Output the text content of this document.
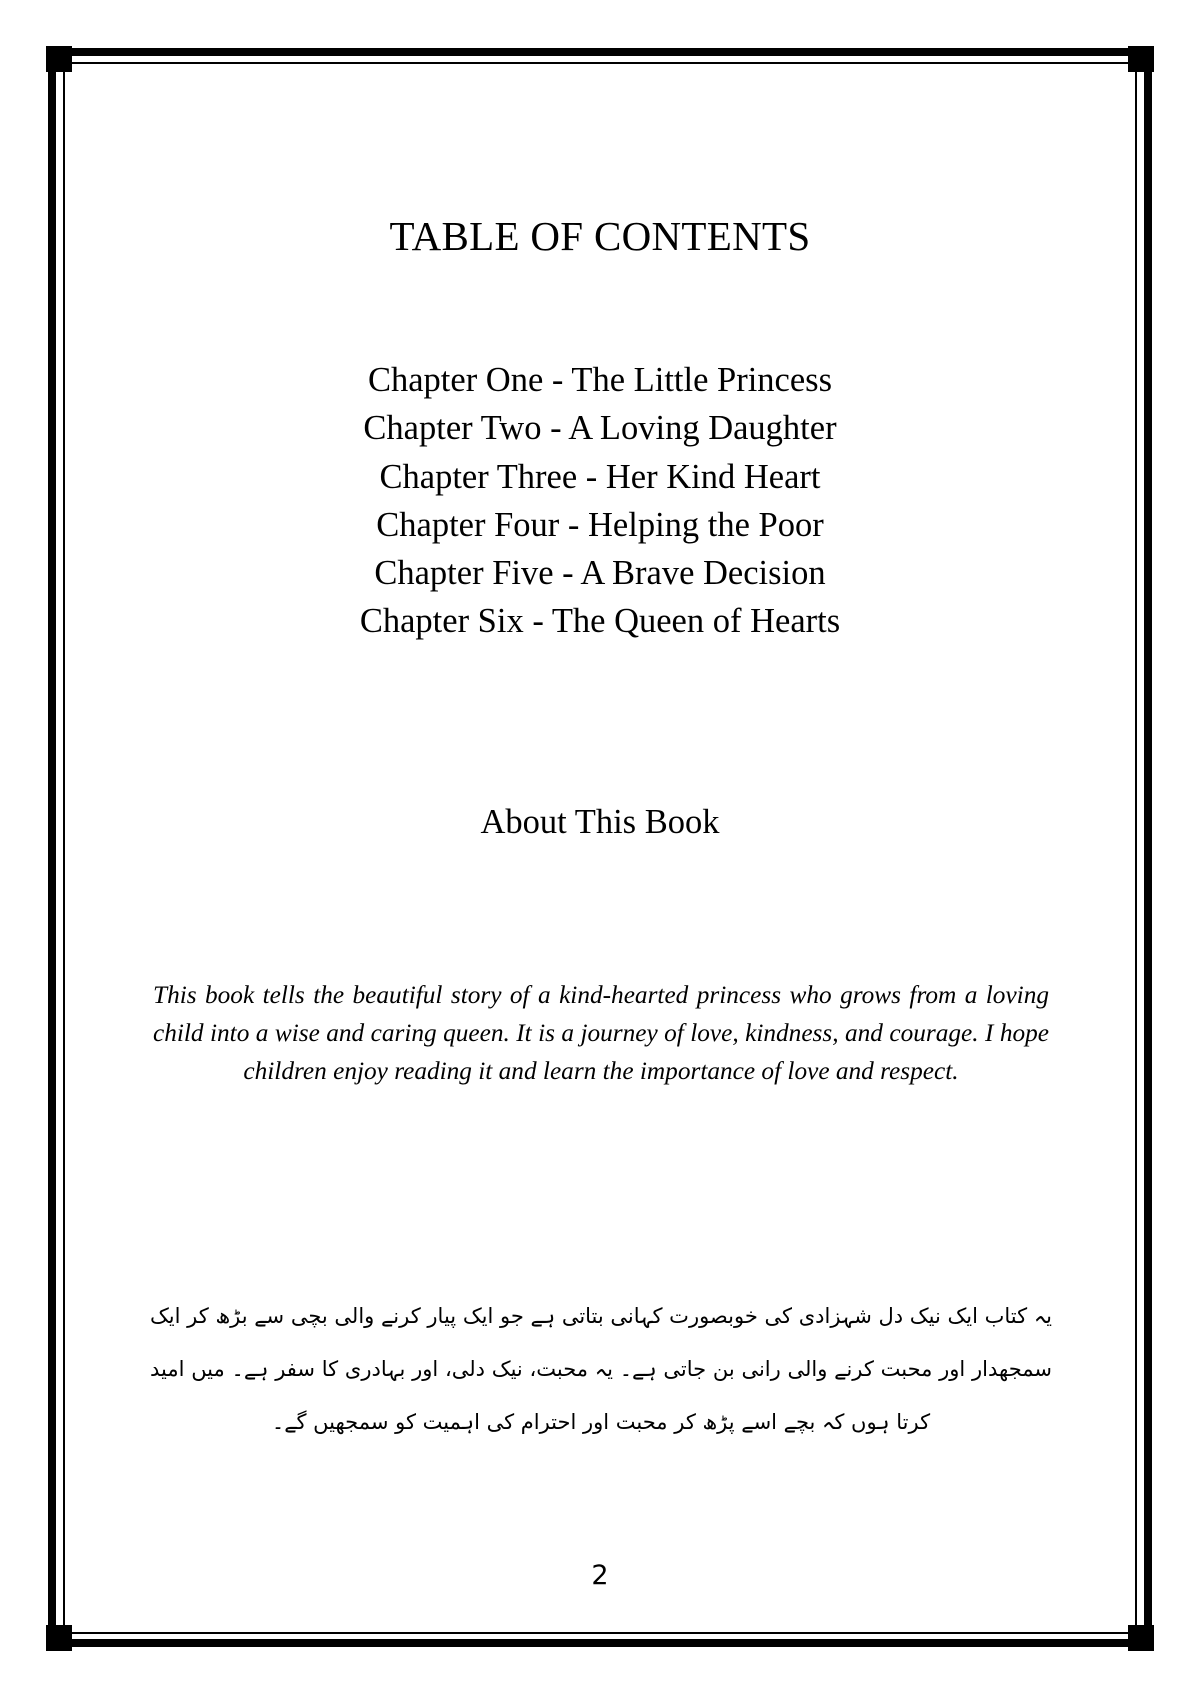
TABLE OF CONTENTS
Chapter One - The Little Princess
Chapter Two - A Loving Daughter
Chapter Three - Her Kind Heart
Chapter Four - Helping the Poor
Chapter Five - A Brave Decision
Chapter Six - The Queen of Hearts
About This Book

This book tells the beautiful story of a kind-hearted princess who grows from a loving child into a wise and caring queen. It is a journey of love, kindness, and courage. I hope children enjoy reading it and learn the importance of love and respect.

یہ کتاب ایک نیک دل شہزادی کی خوبصورت کہانی بتاتی ہے جو ایک پیار کرنے والی بچی سے بڑھ کر ایک سمجھدار اور محبت کرنے والی رانی بن جاتی ہے۔ یہ محبت، نیک دلی، اور بہادری کا سفر ہے۔ میں امید کرتا ہوں کہ بچے اسے پڑھ کر محبت اور احترام کی اہمیت کو سمجھیں گے۔

2
